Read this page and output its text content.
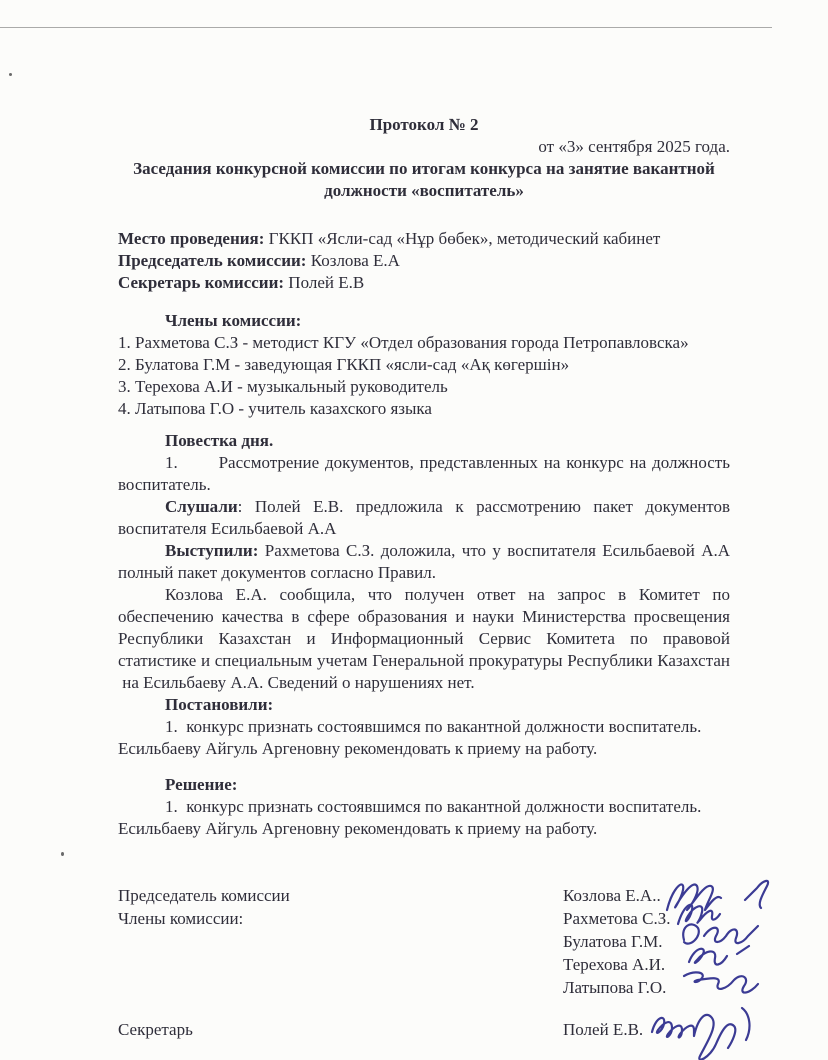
Протокол № 2

от «3» сентября 2025 года.

Заседания конкурсной комиссии по итогам конкурса на занятие вакантной должности «воспитатель»

Место проведения: ГККП «Ясли-сад «Нұр бөбек», методический кабинет

Председатель комиссии: Козлова Е.А

Секретарь комиссии: Полей Е.В

Члены комиссии:

1. Рахметова С.З - методист КГУ «Отдел образования города Петропавловска»

2. Булатова Г.М - заведующая ГККП «ясли-сад «Ақ көгершін»

3. Терехова А.И - музыкальный руководитель

4. Латыпова Г.О - учитель казахского языка

Повестка дня.

1.       Рассмотрение документов, представленных на конкурс на должность воспитатель.

Слушали: Полей Е.В. предложила к рассмотрению пакет документов воспитателя Есильбаевой А.А

Выступили: Рахметова С.З. доложила, что у воспитателя Есильбаевой А.А полный пакет документов согласно Правил.

Козлова Е.А. сообщила, что получен ответ на запрос в Комитет по обеспечению качества в сфере образования и науки Министерства просвещения Республики Казахстан и Информационный Сервис Комитета по правовой статистике и специальным учетам Генеральной прокуратуры Республики Казахстан  на Есильбаеву А.А. Сведений о нарушениях нет.

Постановили:

1.  конкурс признать состоявшимся по вакантной должности воспитатель. Есильбаеву Айгуль Аргеновну рекомендовать к приему на работу.

Решение:

1.  конкурс признать состоявшимся по вакантной должности воспитатель. Есильбаеву Айгуль Аргеновну рекомендовать к приему на работу.

Председатель комиссии
Члены комиссии:
Секретарь
Козлова Е.А..
Рахметова С.З.
Булатова Г.М.
Терехова А.И.
Латыпова Г.О.
Полей Е.В.
